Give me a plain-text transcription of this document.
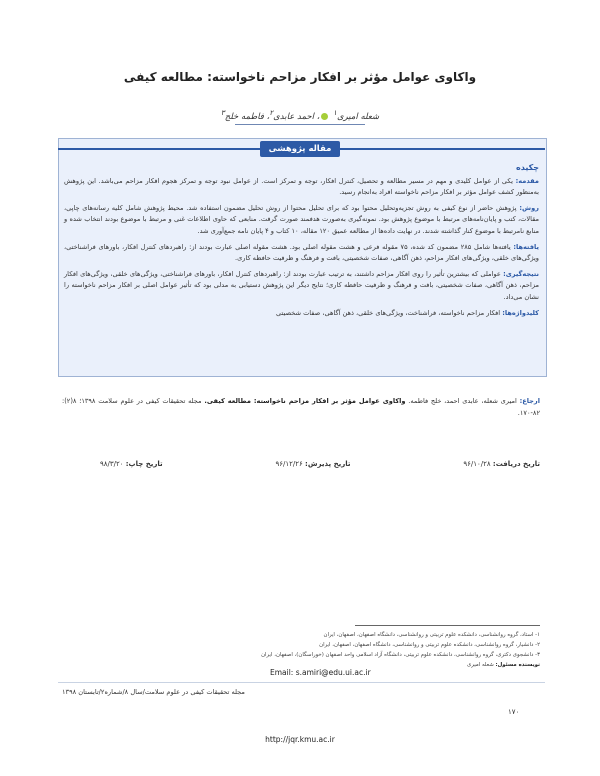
واکاوی عوامل مؤثر بر افکار مزاحم ناخواسته: مطالعه کیفی
شعله امیری$^۱$ ، احمد عابدی$^۲$، فاطمه خلج$^۳$
مقاله پژوهشی
چکیده

مقدمه: یکی از عوامل کلیدی و مهم در مسیر مطالعه و تحصیل، کنترل افکار، توجه و تمرکز است. از عوامل نبود توجه و تمرکز هجوم افکار مزاحم می‌باشد. این پژوهش به‌منظور کشف عوامل مؤثر بر افکار مزاحم ناخواسته افراد به‌انجام رسید.

روش: پژوهش حاضر از نوع کیفی به روش تجزیه‌وتحلیل محتوا بود که برای تحلیل محتوا از روش تحلیل مضمون استفاده شد. محیط پژوهش شامل کلیه رسانه‌های چاپی، مقالات، کتب و پایان‌نامه‌های مرتبط با موضوع پژوهش بود. نمونه‌گیری به‌صورت هدفمند صورت گرفت. منابعی که حاوی اطلاعات غنی و مرتبط با موضوع بودند انتخاب شده و منابع نامرتبط با موضوع کنار گذاشته شدند. در نهایت داده‌ها از مطالعه عمیق ۱۲۰ مقاله، ۱۰ کتاب و ۴ پایان نامه جمع‌آوری شد.

یافته‌ها: یافته‌ها شامل ۲۸۵ مضمون کد شده، ۷۵ مقوله فرعی و هشت مقوله اصلی بود. هشت مقوله اصلی عبارت بودند از: راهبردهای کنترل افکار، باورهای فراشناختی، ویژگی‌های خلقی، ویژگی‌های افکار مزاحم، ذهن آگاهی، صفات شخصیتی، بافت و فرهنگ و ظرفیت حافظه کاری.

نتیجه‌گیری: عواملی که بیشترین تأثیر را روی افکار مزاحم داشتند، به ترتیب عبارت بودند از: راهبردهای کنترل افکار، باورهای فراشناختی، ویژگی‌های خلقی، ویژگی‌های افکار مزاحم، ذهن آگاهی، صفات شخصیتی، بافت و فرهنگ و ظرفیت حافظه کاری؛ نتایج دیگر این پژوهش دستیابی به مدلی بود که تأثیر عوامل اصلی بر افکار مزاحم ناخواسته را نشان می‌داد.

کلیدواژه‌ها: افکار مزاحم ناخواسته، فراشناخت، ویژگی‌های خلقی، ذهن آگاهی، صفات شخصیتی

ارجاع: امیری شعله، عابدی احمد، خلج فاطمه. واکاوی عوامل مؤثر بر افکار مزاحم ناخواسته: مطالعه کیفی. مجله تحقیقات کیفی در علوم سلامت ۱۳۹۸؛ ۸(۲): ۸۲-۱۷۰.
تاریخ دریافت: ۹۶/۱۰/۲۸
تاریخ پذیرش: ۹۶/۱۲/۲۶
تاریخ چاپ: ۹۸/۳/۲۰
۱- استاد، گروه روانشناسی، دانشکده علوم تربیتی و روانشناسی، دانشگاه اصفهان، اصفهان، ایران
۲- دانشیار، گروه روانشناسی، دانشکده علوم تربیتی و روانشناسی، دانشگاه اصفهان، اصفهان، ایران
۳- دانشجوی دکتری، گروه روانشناسی، دانشکده علوم تربیتی، دانشگاه آزاد اسلامی واحد اصفهان (خوراسگان)، اصفهان، ایران
نویسنده مسئول: شعله امیری
Email: s.amiri@edu.ui.ac.ir
مجله تحقیقات کیفی در علوم سلامت/سال ۸/شماره۲/تابستان ۱۳۹۸
۱۷۰
http://jqr.kmu.ac.ir
